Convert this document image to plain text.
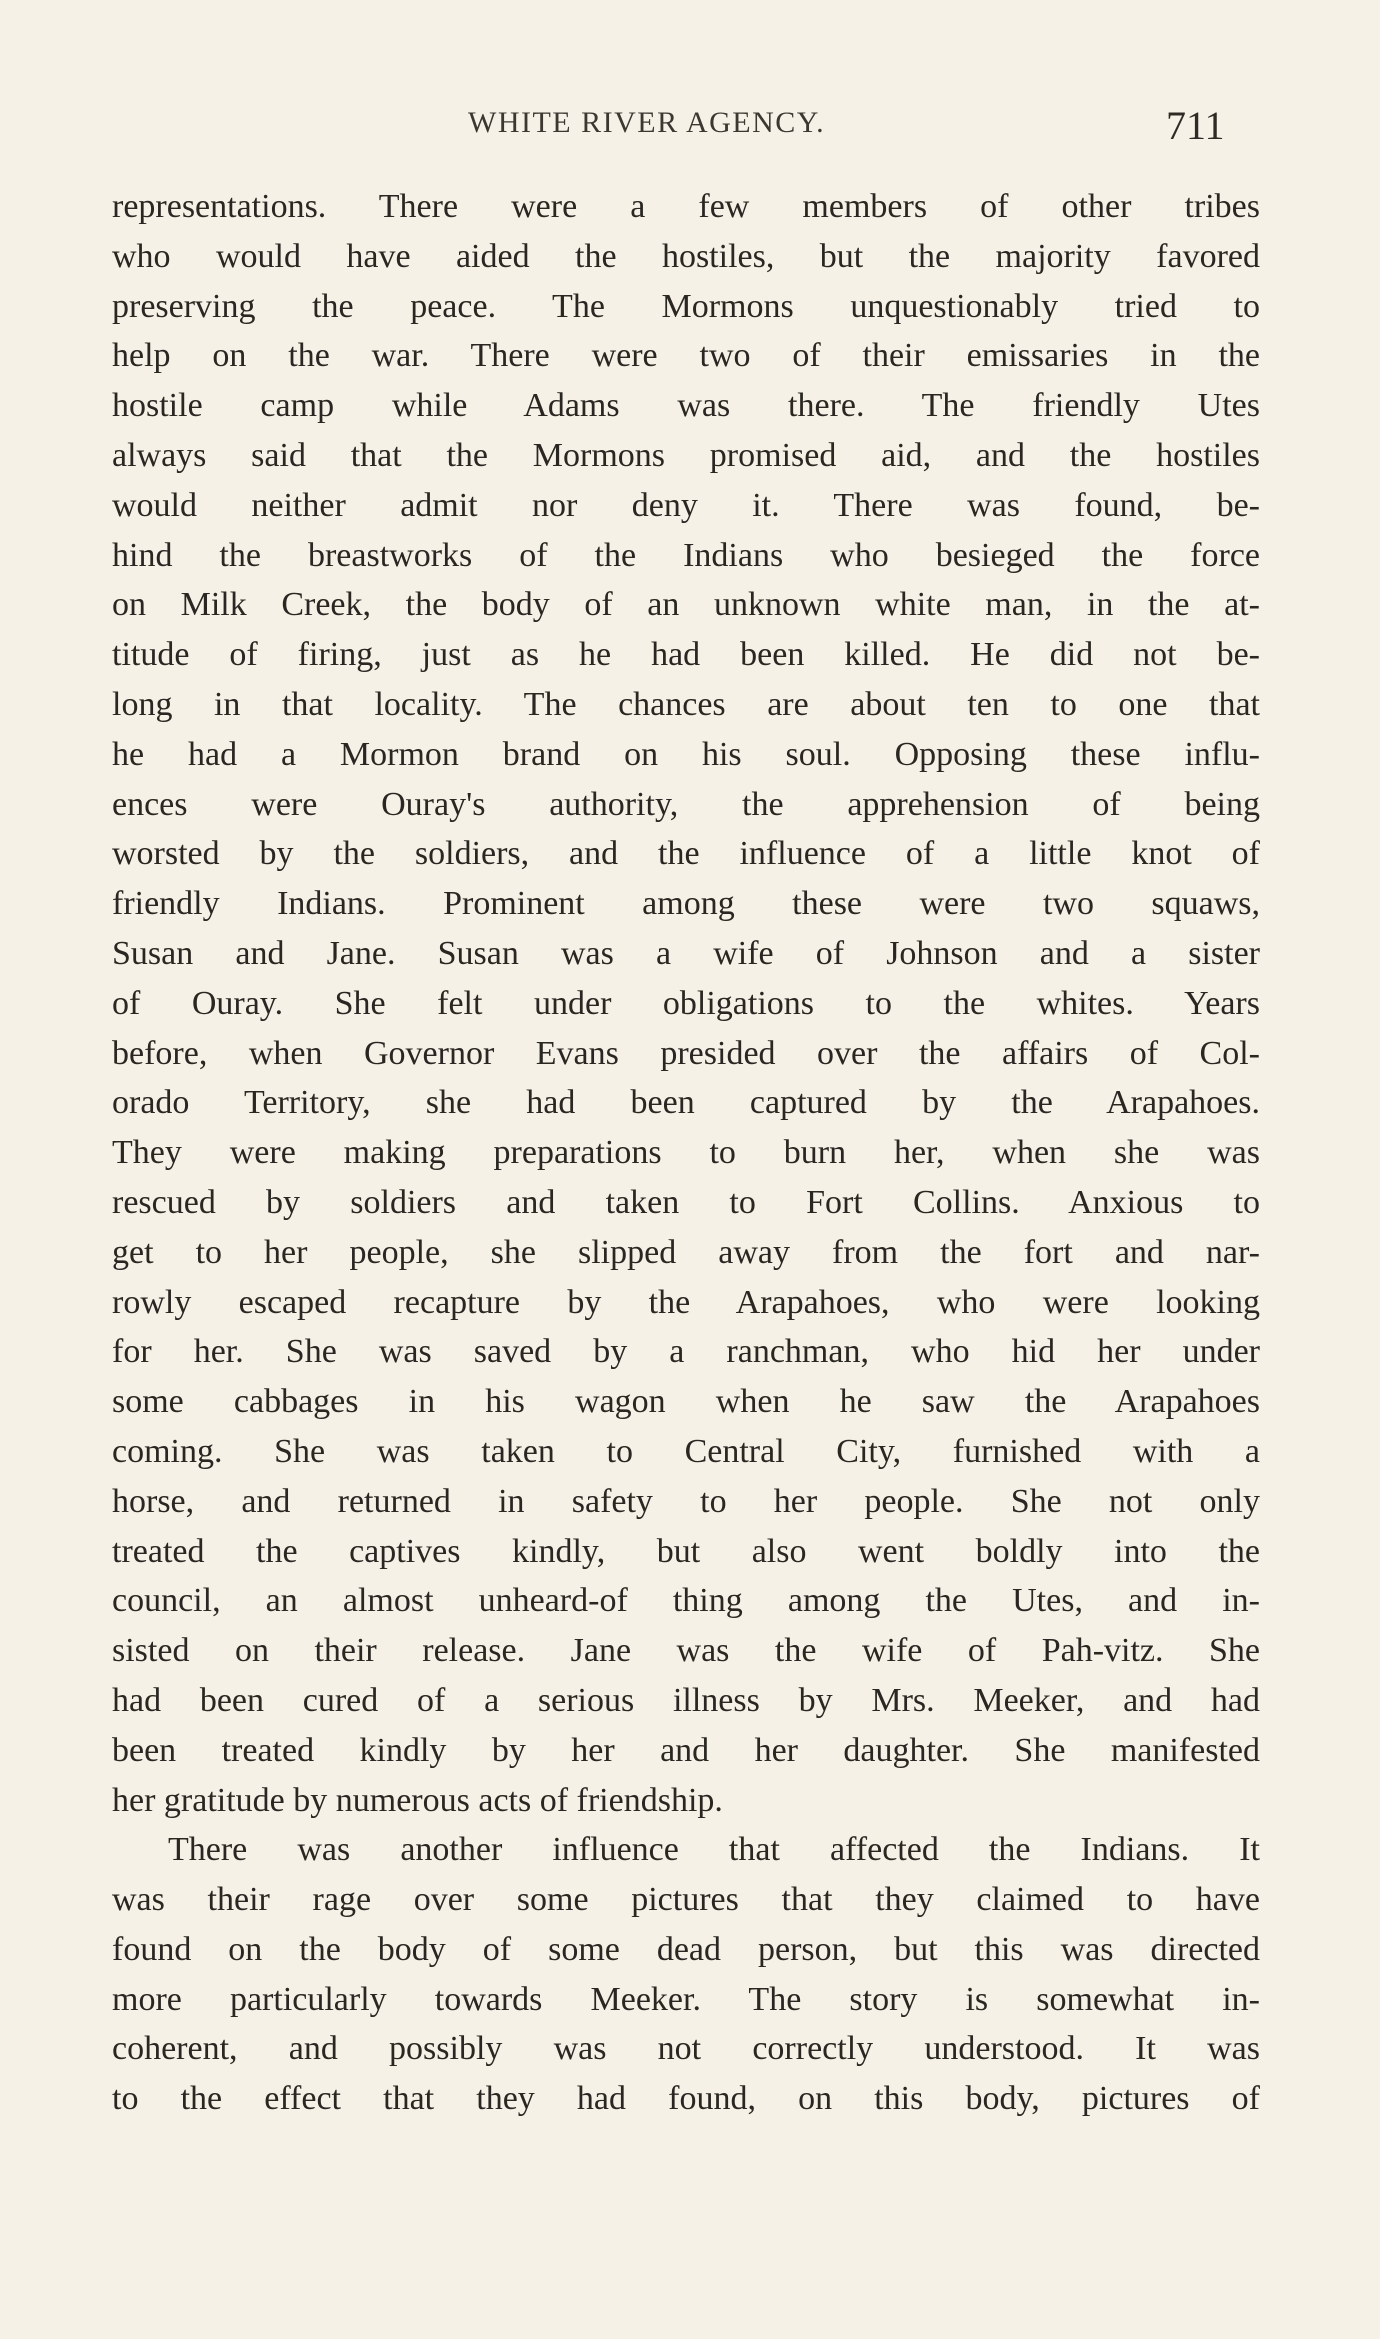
WHITE RIVER AGENCY.	711
representations. There were a few members of other tribes
who would have aided the hostiles, but the majority favored
preserving the peace. The Mormons unquestionably tried to
help on the war. There were two of their emissaries in the
hostile camp while Adams was there. The friendly Utes
always said that the Mormons promised aid, and the hostiles
would neither admit nor deny it. There was found, be-
hind the breastworks of the Indians who besieged the force
on Milk Creek, the body of an unknown white man, in the at-
titude of firing, just as he had been killed. He did not be-
long in that locality. The chances are about ten to one that
he had a Mormon brand on his soul. Opposing these influ-
ences were Ouray's authority, the apprehension of being
worsted by the soldiers, and the influence of a little knot of
friendly Indians. Prominent among these were two squaws,
Susan and Jane. Susan was a wife of Johnson and a sister
of Ouray. She felt under obligations to the whites. Years
before, when Governor Evans presided over the affairs of Col-
orado Territory, she had been captured by the Arapahoes.
They were making preparations to burn her, when she was
rescued by soldiers and taken to Fort Collins. Anxious to
get to her people, she slipped away from the fort and nar-
rowly escaped recapture by the Arapahoes, who were looking
for her. She was saved by a ranchman, who hid her under
some cabbages in his wagon when he saw the Arapahoes
coming. She was taken to Central City, furnished with a
horse, and returned in safety to her people. She not only
treated the captives kindly, but also went boldly into the
council, an almost unheard-of thing among the Utes, and in-
sisted on their release. Jane was the wife of Pah-vitz. She
had been cured of a serious illness by Mrs. Meeker, and had
been treated kindly by her and her daughter. She manifested
her gratitude by numerous acts of friendship.
There was another influence that affected the Indians. It
was their rage over some pictures that they claimed to have
found on the body of some dead person, but this was directed
more particularly towards Meeker. The story is somewhat in-
coherent, and possibly was not correctly understood. It was
to the effect that they had found, on this body, pictures of
